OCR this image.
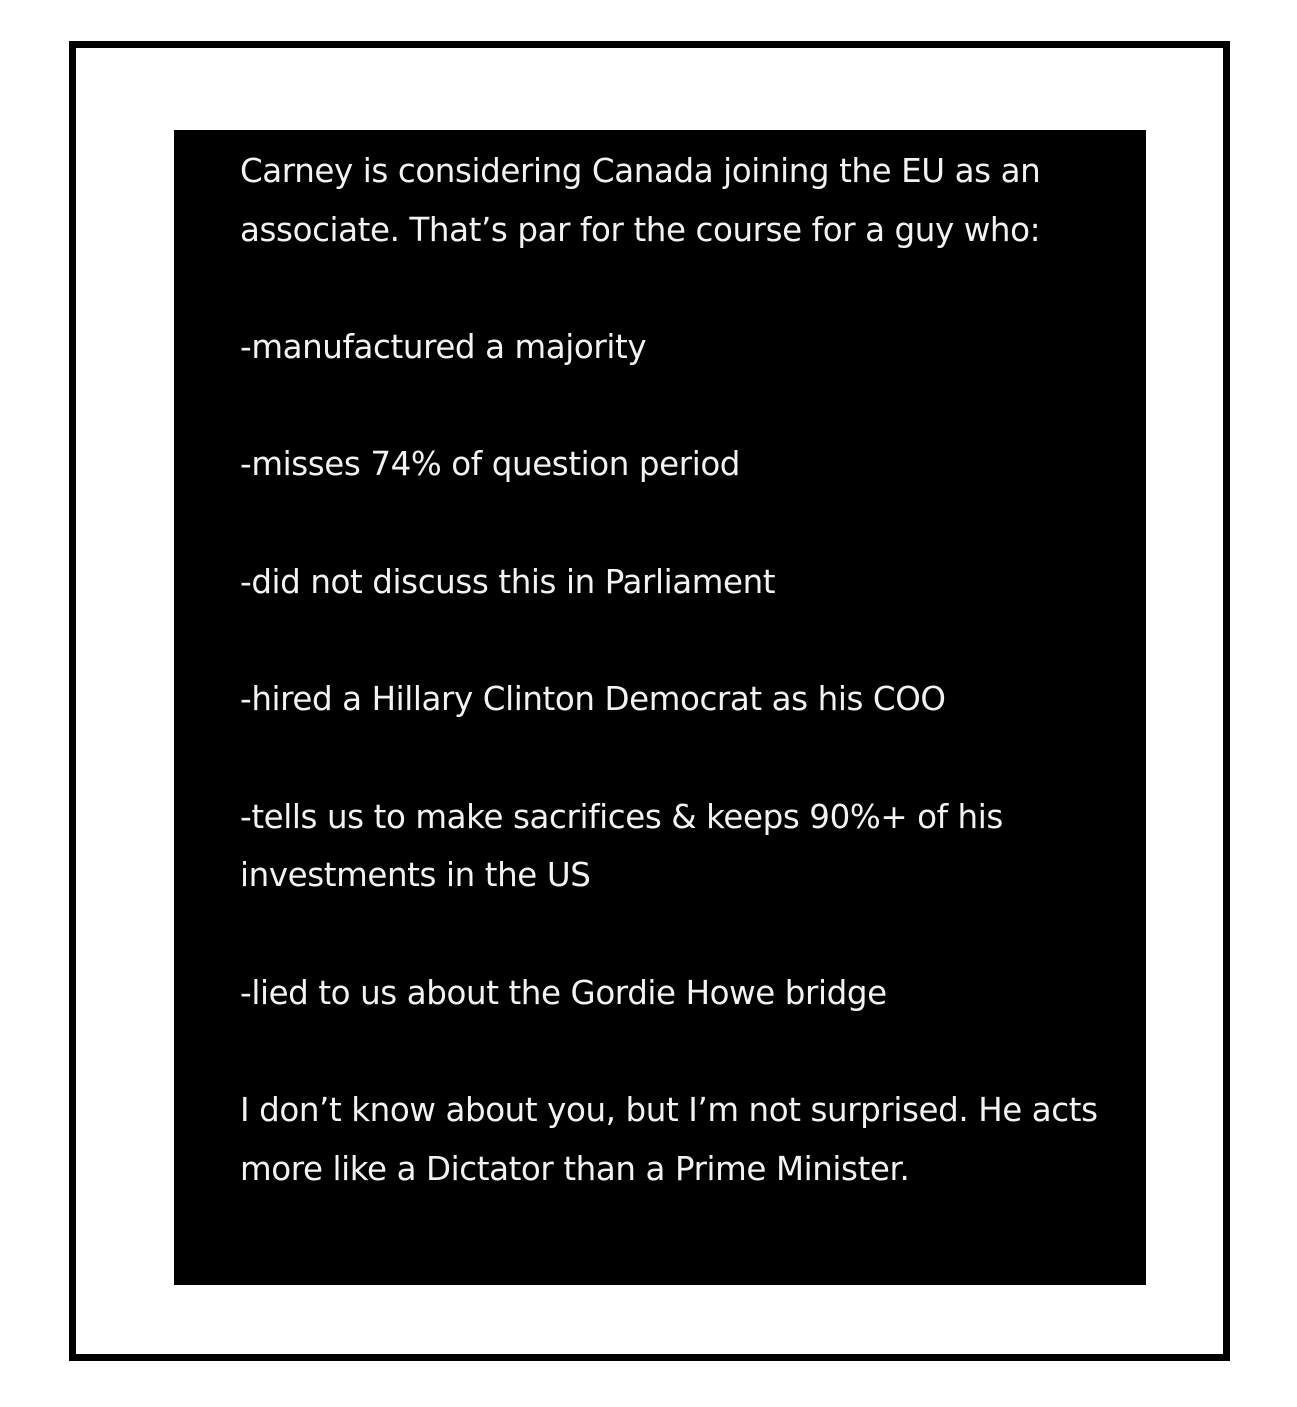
Carney is considering Canada joining the EU as an associate. That’s par for the course for a guy who:

-manufactured a majority

-misses 74% of question period

-did not discuss this in Parliament

-hired a Hillary Clinton Democrat as his COO

-tells us to make sacrifices & keeps 90%+ of his investments in the US

-lied to us about the Gordie Howe bridge

I don’t know about you, but I’m not surprised. He acts more like a Dictator than a Prime Minister.
